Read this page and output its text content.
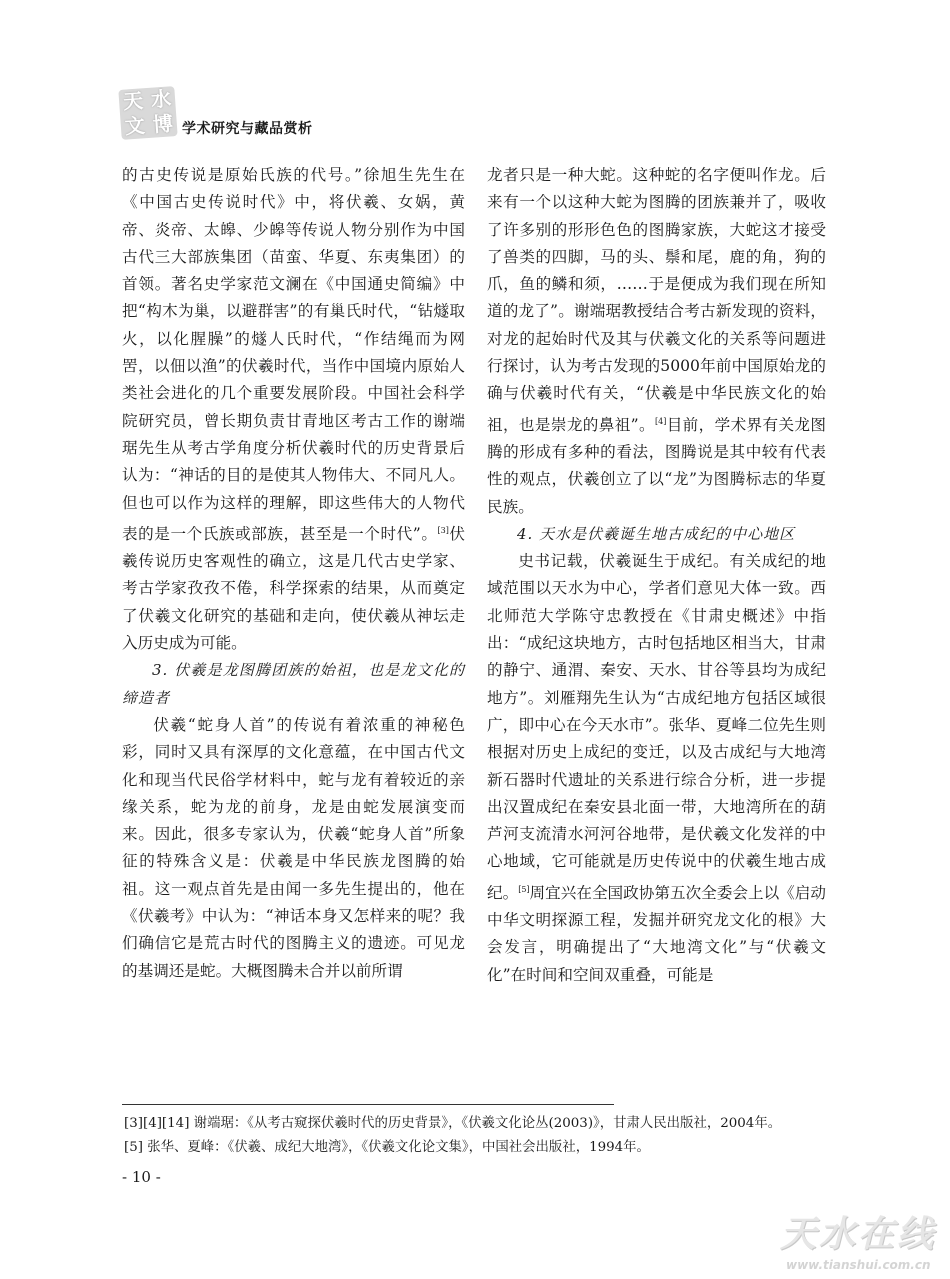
天 水
文 博 学术研究与藏品赏析

的古史传说是原始氏族的代号。”徐旭生先生在《中国古史传说时代》中，将伏羲、女娲，黄帝、炎帝、太皞、少皞等传说人物分别作为中国古代三大部族集团（苗蛮、华夏、东夷集团）的首领。著名史学家范文澜在《中国通史简编》中把“构木为巢，以避群害”的有巢氏时代，“钻燧取火，以化腥臊”的燧人氏时代，“作结绳而为网罟，以佃以渔”的伏羲时代，当作中国境内原始人类社会进化的几个重要发展阶段。中国社会科学院研究员，曾长期负责甘青地区考古工作的谢端琚先生从考古学角度分析伏羲时代的历史背景后认为：“神话的目的是使其人物伟大、不同凡人。但也可以作为这样的理解，即这些伟大的人物代表的是一个氏族或部族，甚至是一个时代”。[3]伏羲传说历史客观性的确立，这是几代古史学家、考古学家孜孜不倦，科学探索的结果，从而奠定了伏羲文化研究的基础和走向，使伏羲从神坛走入历史成为可能。

3. 伏羲是龙图腾团族的始祖，也是龙文化的缔造者

伏羲“蛇身人首”的传说有着浓重的神秘色彩，同时又具有深厚的文化意蕴，在中国古代文化和现当代民俗学材料中，蛇与龙有着较近的亲缘关系，蛇为龙的前身，龙是由蛇发展演变而来。因此，很多专家认为，伏羲“蛇身人首”所象征的特殊含义是：伏羲是中华民族龙图腾的始祖。这一观点首先是由闻一多先生提出的，他在《伏羲考》中认为：“神话本身又怎样来的呢？我们确信它是荒古时代的图腾主义的遗迹。可见龙的基调还是蛇。大概图腾未合并以前所谓

龙者只是一种大蛇。这种蛇的名字便叫作龙。后来有一个以这种大蛇为图腾的团族兼并了，吸收了许多别的形形色色的图腾家族，大蛇这才接受了兽类的四脚，马的头、鬃和尾，鹿的角，狗的爪，鱼的鳞和须，……于是便成为我们现在所知道的龙了”。谢端琚教授结合考古新发现的资料，对龙的起始时代及其与伏羲文化的关系等问题进行探讨，认为考古发现的5000年前中国原始龙的确与伏羲时代有关，“伏羲是中华民族文化的始祖，也是崇龙的鼻祖”。[4]目前，学术界有关龙图腾的形成有多种的看法，图腾说是其中较有代表性的观点，伏羲创立了以“龙”为图腾标志的华夏民族。

4. 天水是伏羲诞生地古成纪的中心地区

史书记载，伏羲诞生于成纪。有关成纪的地域范围以天水为中心，学者们意见大体一致。西北师范大学陈守忠教授在《甘肃史概述》中指出：“成纪这块地方，古时包括地区相当大，甘肃的静宁、通渭、秦安、天水、甘谷等县均为成纪地方”。刘雁翔先生认为“古成纪地方包括区域很广，即中心在今天水市”。张华、夏峰二位先生则根据对历史上成纪的变迁，以及古成纪与大地湾新石器时代遗址的关系进行综合分析，进一步提出汉置成纪在秦安县北面一带，大地湾所在的葫芦河支流清水河河谷地带，是伏羲文化发祥的中心地域，它可能就是历史传说中的伏羲生地古成纪。[5]周宜兴在全国政协第五次全委会上以《启动中华文明探源工程，发掘并研究龙文化的根》大会发言，明确提出了“大地湾文化”与“伏羲文化”在时间和空间双重叠，可能是

[3][4][14] 谢端琚：《从考古窥探伏羲时代的历史背景》，《伏羲文化论丛(2003)》，甘肃人民出版社，2004年。
[5] 张华、夏峰：《伏羲、成纪大地湾》，《伏羲文化论文集》，中国社会出版社，1994年。
- 10 -
天水在线
www.tianshui.com.cn
